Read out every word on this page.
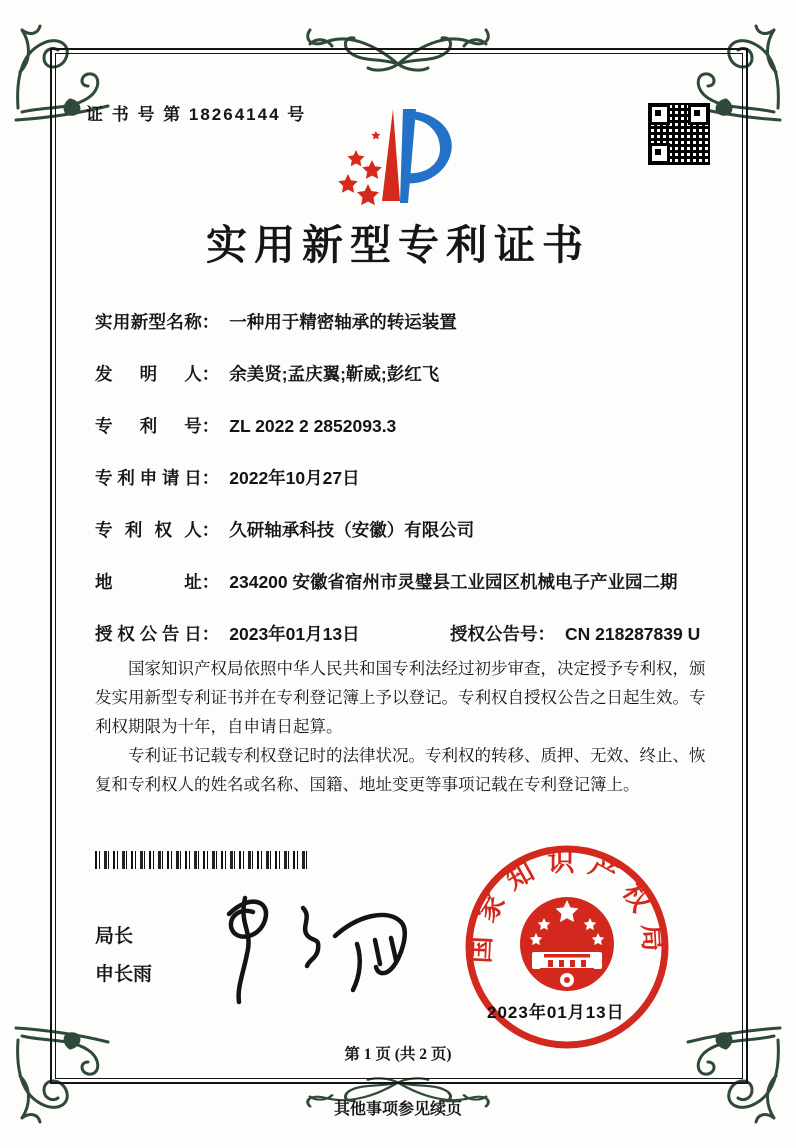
证 书 号 第 18264144 号
实用新型专利证书
实用新型名称 ： 一种用于精密轴承的转运装置
发明人 ： 余美贤;孟庆翼;靳威;彭红飞
专利号 ： ZL 2022 2 2852093.3
专利申请日 ： 2022年10月27日
专利权人 ： 久研轴承科技（安徽）有限公司
地址 ： 234200 安徽省宿州市灵璧县工业园区机械电子产业园二期
授权公告日 ： 2023年01月13日	授权公告号 ： CN 218287839 U

国家知识产权局依照中华人民共和国专利法经过初步审查，决定授予专利权，颁发实用新型专利证书并在专利登记簿上予以登记。专利权自授权公告之日起生效。专利权期限为十年，自申请日起算。

专利证书记载专利权登记时的法律状况。专利权的转移、质押、无效、终止、恢复和专利权人的姓名或名称、国籍、地址变更等事项记载在专利登记簿上。

局长
申长雨
国家知识产权局
2023年01月13日
第 1 页 (共 2 页)
其他事项参见续页
